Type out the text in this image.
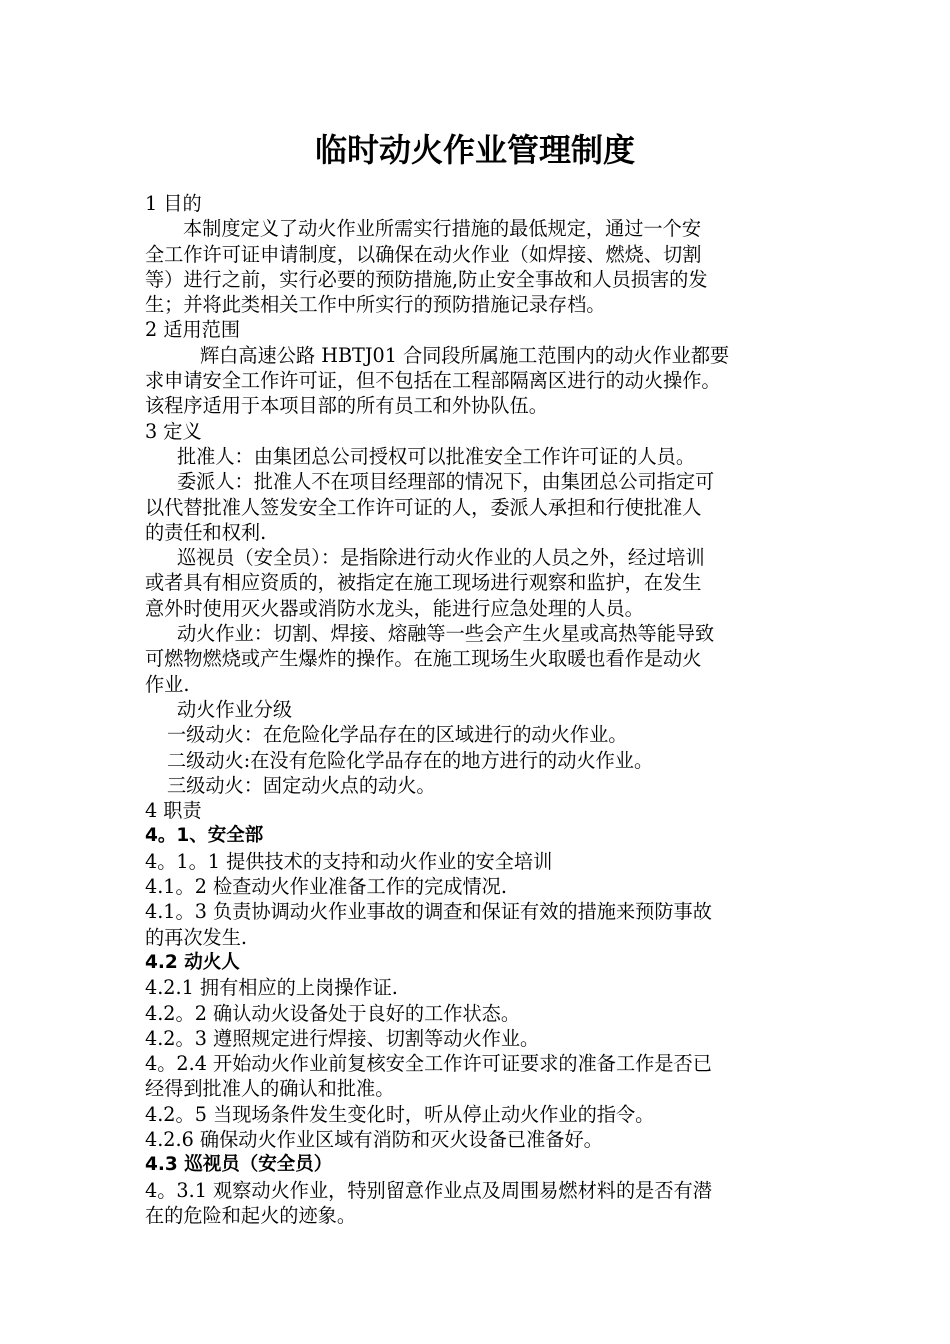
临时动火作业管理制度

1 目的

本制度定义了动火作业所需实行措施的最低规定，通过一个安

全工作许可证申请制度，以确保在动火作业（如焊接、燃烧、切割

等）进行之前，实行必要的预防措施,防止安全事故和人员损害的发

生；并将此类相关工作中所实行的预防措施记录存档。

2 适用范围

辉白高速公路 HBTJ01 合同段所属施工范围内的动火作业都要

求申请安全工作许可证，但不包括在工程部隔离区进行的动火操作。

该程序适用于本项目部的所有员工和外协队伍。

3 定义

批准人：由集团总公司授权可以批准安全工作许可证的人员。

委派人：批准人不在项目经理部的情况下，由集团总公司指定可

以代替批准人签发安全工作许可证的人，委派人承担和行使批准人

的责任和权利.

巡视员（安全员）：是指除进行动火作业的人员之外，经过培训

或者具有相应资质的，被指定在施工现场进行观察和监护，在发生

意外时使用灭火器或消防水龙头，能进行应急处理的人员。

动火作业：切割、焊接、熔融等一些会产生火星或高热等能导致

可燃物燃烧或产生爆炸的操作。在施工现场生火取暖也看作是动火

作业.

动火作业分级

一级动火：在危险化学品存在的区域进行的动火作业。

二级动火:在没有危险化学品存在的地方进行的动火作业。

三级动火：固定动火点的动火。

4 职责

4。1、安全部

4。1。1 提供技术的支持和动火作业的安全培训

4.1。2 检查动火作业准备工作的完成情况.

4.1。3 负责协调动火作业事故的调查和保证有效的措施来预防事故

的再次发生.

4.2 动火人

4.2.1 拥有相应的上岗操作证.

4.2。2 确认动火设备处于良好的工作状态。

4.2。3 遵照规定进行焊接、切割等动火作业。

4。2.4 开始动火作业前复核安全工作许可证要求的准备工作是否已

经得到批准人的确认和批准。

4.2。5 当现场条件发生变化时，听从停止动火作业的指令。

4.2.6 确保动火作业区域有消防和灭火设备已准备好。

4.3 巡视员（安全员）

4。3.1 观察动火作业，特别留意作业点及周围易燃材料的是否有潜

在的危险和起火的迹象。
